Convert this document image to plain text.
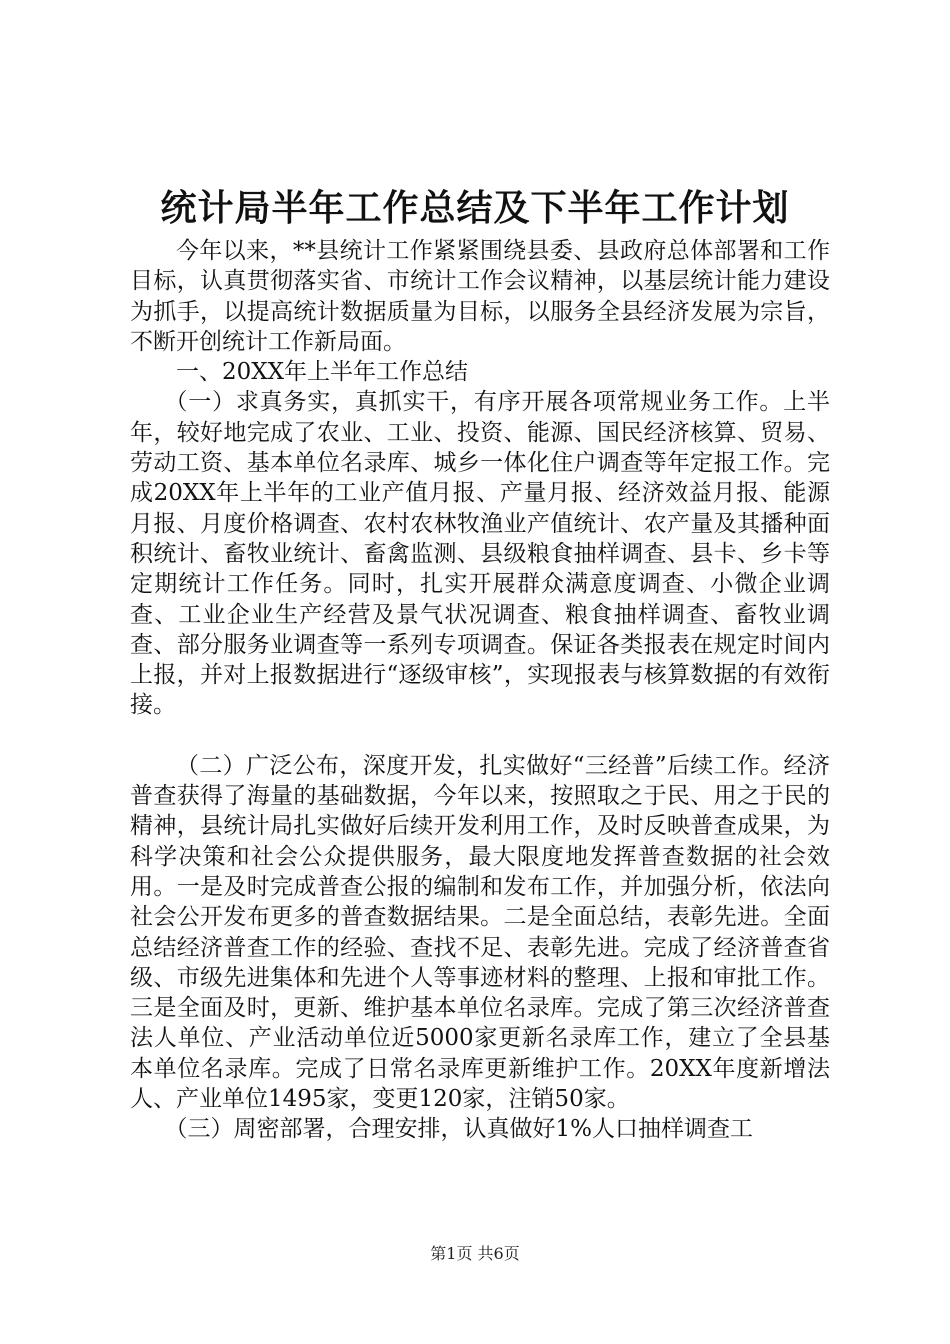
统计局半年工作总结及下半年工作计划

今年以来，**县统计工作紧紧围绕县委、县政府总体部署和工作目标，认真贯彻落实省、市统计工作会议精神，以基层统计能力建设为抓手，以提高统计数据质量为目标，以服务全县经济发展为宗旨，不断开创统计工作新局面。

一、20XX年上半年工作总结

（一）求真务实，真抓实干，有序开展各项常规业务工作。上半年，较好地完成了农业、工业、投资、能源、国民经济核算、贸易、劳动工资、基本单位名录库、城乡一体化住户调查等年定报工作。完成20XX年上半年的工业产值月报、产量月报、经济效益月报、能源月报、月度价格调查、农村农林牧渔业产值统计、农产量及其播种面积统计、畜牧业统计、畜禽监测、县级粮食抽样调查、县卡、乡卡等定期统计工作任务。同时，扎实开展群众满意度调查、小微企业调查、工业企业生产经营及景气状况调查、粮食抽样调查、畜牧业调查、部分服务业调查等一系列专项调查。保证各类报表在规定时间内上报，并对上报数据进行“逐级审核”，实现报表与核算数据的有效衔接。

（二）广泛公布，深度开发，扎实做好“三经普”后续工作。经济普查获得了海量的基础数据，今年以来，按照取之于民、用之于民的精神，县统计局扎实做好后续开发利用工作，及时反映普查成果，为科学决策和社会公众提供服务，最大限度地发挥普查数据的社会效用。一是及时完成普查公报的编制和发布工作，并加强分析，依法向社会公开发布更多的普查数据结果。二是全面总结，表彰先进。全面总结经济普查工作的经验、查找不足、表彰先进。完成了经济普查省级、市级先进集体和先进个人等事迹材料的整理、上报和审批工作。三是全面及时，更新、维护基本单位名录库。完成了第三次经济普查法人单位、产业活动单位近5000家更新名录库工作，建立了全县基本单位名录库。完成了日常名录库更新维护工作。20XX年度新增法人、产业单位1495家，变更120家，注销50家。

（三）周密部署，合理安排，认真做好1%人口抽样调查工

第1页 共6页
